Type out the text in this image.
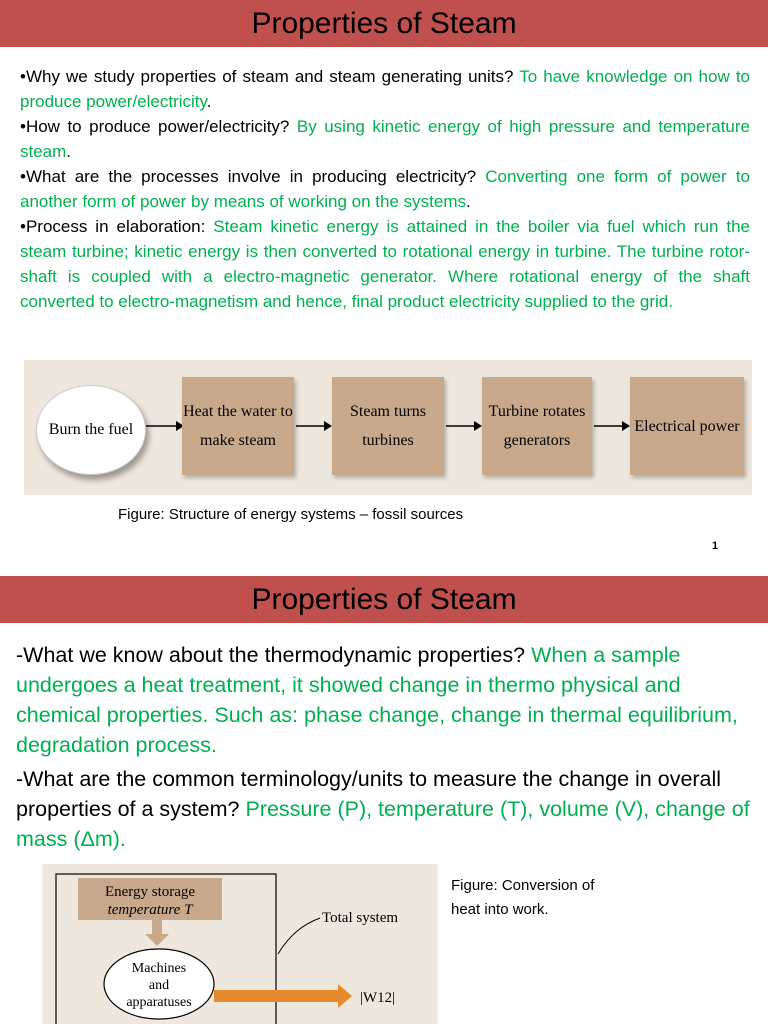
Properties of Steam
•Why we study properties of steam and steam generating units? To have knowledge on how to produce power/electricity.
•How to produce power/electricity? By using kinetic energy of high pressure and temperature steam.
•What are the processes involve in producing electricity? Converting one form of power to another form of power by means of working on the systems.
•Process in elaboration: Steam kinetic energy is attained in the boiler via fuel which run the steam turbine; kinetic energy is then converted to rotational energy in turbine. The turbine rotor-shaft is coupled with a electro-magnetic generator. Where rotational energy of the shaft converted to electro-magnetism and hence, final product electricity supplied to the grid.
Burn the fuel
Heat the water to make steam
Steam turns turbines
Turbine rotates generators
Electrical power
Figure: Structure of energy systems – fossil sources
1
Properties of Steam
-What we know about the thermodynamic properties? When a sample undergoes a heat treatment, it showed change in thermo physical and chemical properties. Such as: phase change, change in thermal equilibrium, degradation process.
-What are the common terminology/units to measure the change in overall properties of a system? Pressure (P), temperature (T), volume (V), change of mass (Δm).
Energy storage
temperature T
Machines
and
apparatuses	|W12|
Total system
Figure: Conversion of heat into work.
